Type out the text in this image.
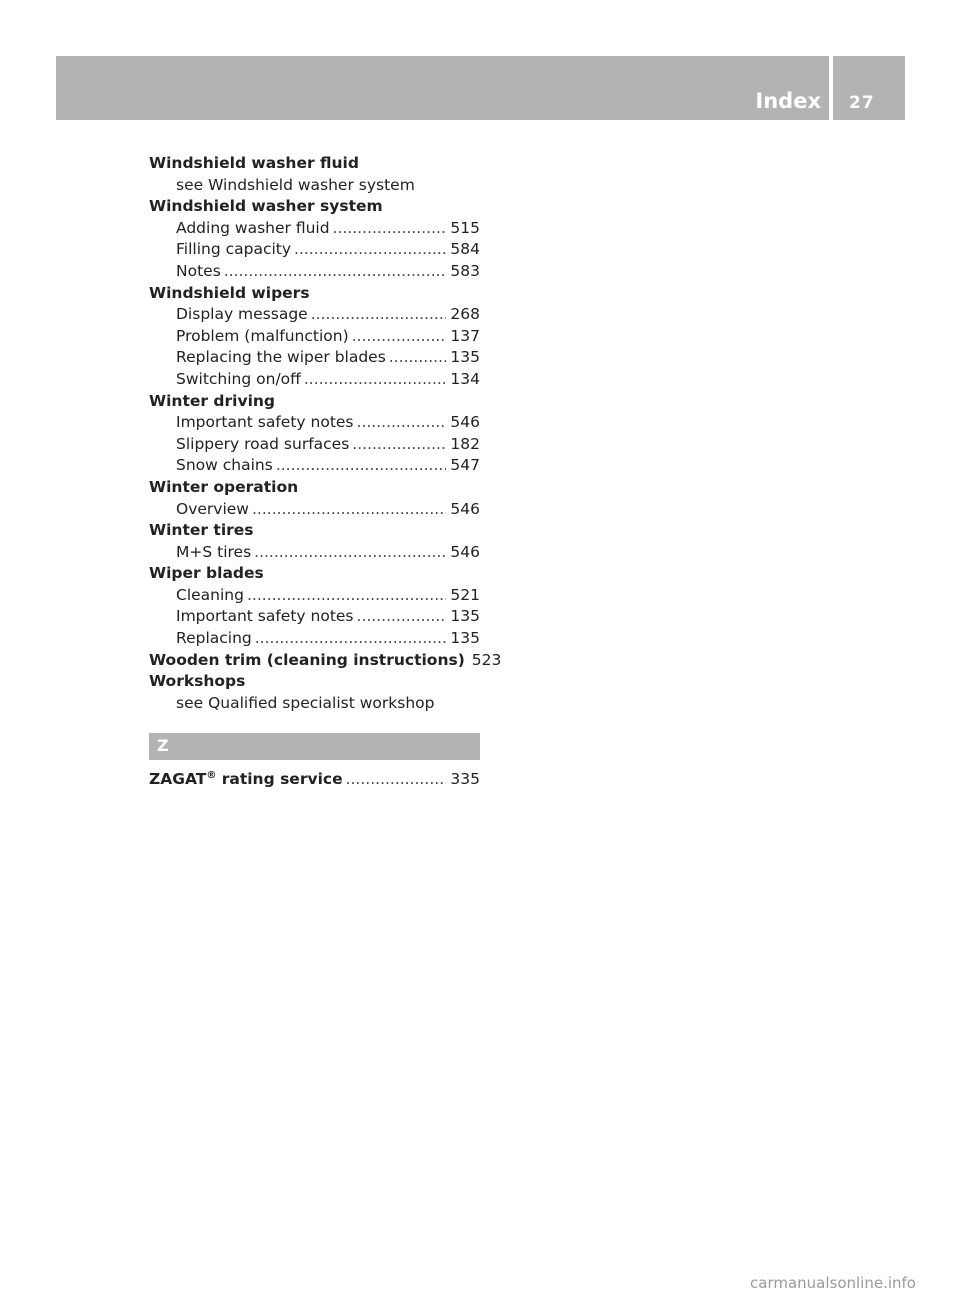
Index 27
Windshield washer fluid
see Windshield washer system
Windshield washer system
Adding washer fluid .....	515
Filling capacity .....	584
Notes .....	583
Windshield wipers
Display message .....	268
Problem (malfunction) .....	137
Replacing the wiper blades .....	135
Switching on/off .....	134
Winter driving
Important safety notes .....	546
Slippery road surfaces .....	182
Snow chains .....	547
Winter operation
Overview .....	546
Winter tires
M+S tires .....	546
Wiper blades
Cleaning .....	521
Important safety notes .....	135
Replacing .....	135
Wooden trim (cleaning instructions) 523
Workshops
see Qualified specialist workshop
Z
ZAGAT® rating service .....	335
carmanualsonline.info
